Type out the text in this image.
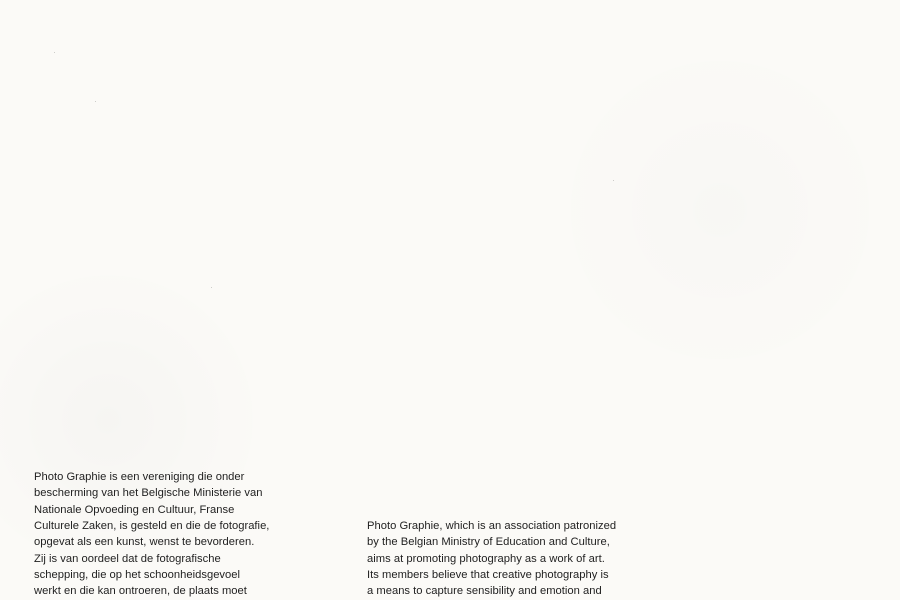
Photo Graphie is een vereniging die onder
bescherming van het Belgische Ministerie van
Nationale Opvoeding en Cultuur, Franse
Culturele Zaken, is gesteld en die de fotografie,
opgevat als een kunst, wenst te bevorderen.
Zij is van oordeel dat de fotografische
schepping, die op het schoonheidsgevoel
werkt en die kan ontroeren, de plaats moet
Photo Graphie, which is an association patronized
by the Belgian Ministry of Education and Culture,
aims at promoting photography as a work of art.
Its members believe that creative photography is
a means to capture sensibility and emotion and
